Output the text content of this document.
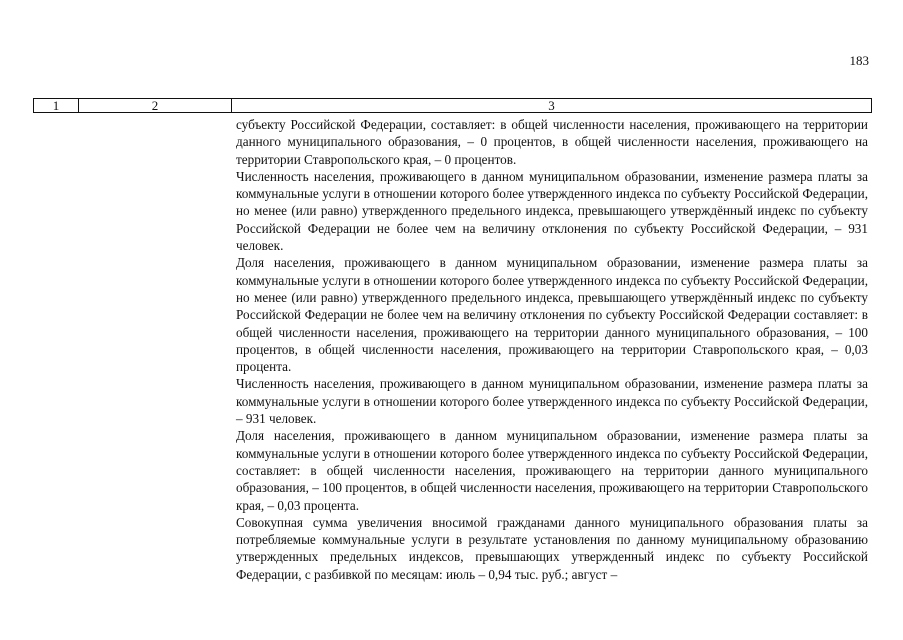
183
1	2	3

субъекту Российской Федерации, составляет: в общей численности населения, проживающего на территории данного муниципального образования, – 0 процентов, в общей численности населения, проживающего на территории Ставропольского края, – 0 процентов.

Численность населения, проживающего в данном муниципальном образовании, изменение размера платы за коммунальные услуги в отношении которого более утвержденного индекса по субъекту Российской Федерации, но менее (или равно) утвержденного предельного индекса, превышающего утверждённый индекс по субъекту Российской Федерации не более чем на величину отклонения по субъекту Российской Федерации, – 931 человек.

Доля населения, проживающего в данном муниципальном образовании, изменение размера платы за коммунальные услуги в отношении которого более утвержденного индекса по субъекту Российской Федерации, но менее (или равно) утвержденного предельного индекса, превышающего утверждённый индекс по субъекту Российской Федерации не более чем на величину отклонения по субъекту Российской Федерации составляет: в общей численности населения, проживающего на территории данного муниципального образования, – 100 процентов, в общей численности населения, проживающего на территории Ставропольского края, – 0,03 процента.

Численность населения, проживающего в данном муниципальном образовании, изменение размера платы за коммунальные услуги в отношении которого более утвержденного индекса по субъекту Российской Федерации, – 931 человек.

Доля населения, проживающего в данном муниципальном образовании, изменение размера платы за коммунальные услуги в отношении которого более утвержденного индекса по субъекту Российской Федерации, составляет: в общей численности населения, проживающего на территории данного муниципального образования, – 100 процентов, в общей численности населения, проживающего на территории Ставропольского края, – 0,03 процента.

Совокупная сумма увеличения вносимой гражданами данного муниципального образования платы за потребляемые коммунальные услуги в результате установления по данному муниципальному образованию утвержденных предельных индексов, превышающих утвержденный индекс по субъекту Российской Федерации, с разбивкой по месяцам: июль – 0,94 тыс. руб.; август –
